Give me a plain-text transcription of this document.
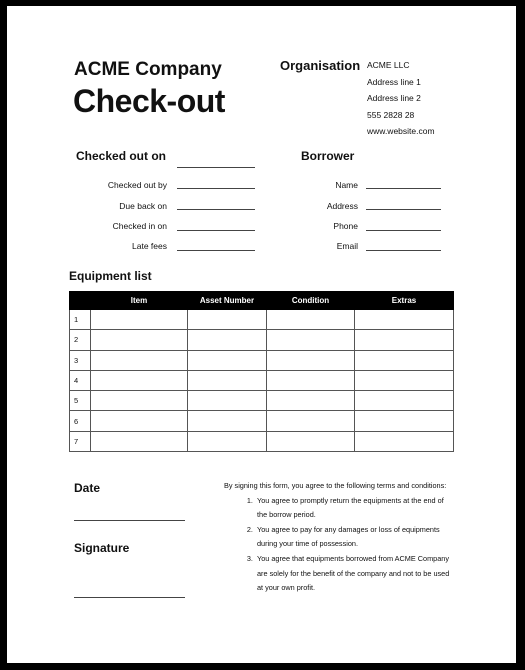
ACME Company
Check-out
Organisation ACME LLC
Address line 1
Address line 2
555 2828 28
www.website.com
Checked out on
Checked out by
Due back on
Checked in on
Late fees
Borrower
Name
Address
Phone
Email
Equipment list
	Item	Asset Number	Condition	Extras
1				
2				
3				
4				
5				
6				
7				
Date
Signature
By signing this form, you agree to the following terms and conditions:
1. You agree to promptly return the equipments at the end of the borrow period.
2. You agree to pay for any damages or loss of equipments during your time of possession.
3. You agree that equipments borrowed from ACME Company are solely for the benefit of the company and not to be used at your own profit.
